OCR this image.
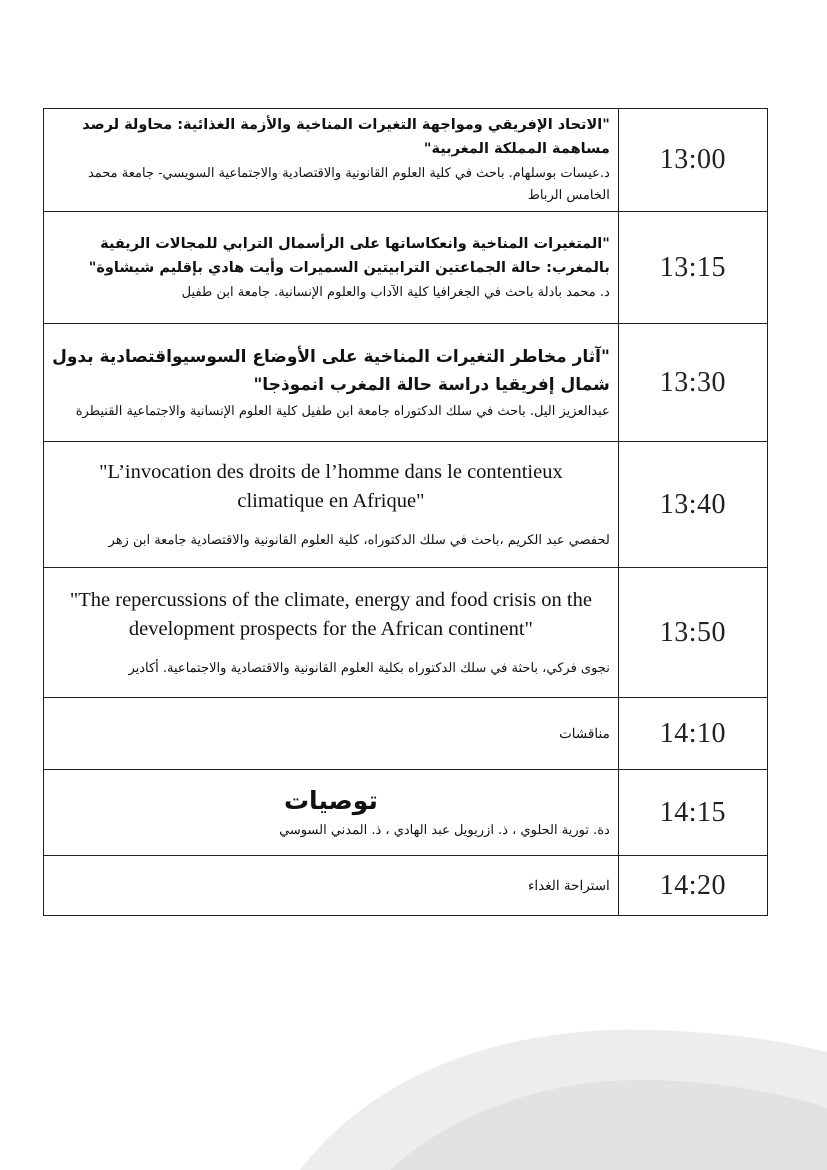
"الاتحاد الإفريقي ومواجهة التغيرات المناخية والأزمة الغذائية: محاولة لرصد مساهمة المملكة المغربية"
د.عيسات بوسلهام. باحث في كلية العلوم القانونية والاقتصادية والاجتماعية السويسي- جامعة محمد الخامس الرباط	13:00

"المتغيرات المناخية وانعكاساتها على الرأسمال الترابي للمجالات الريفية بالمغرب: حالة الجماعتين الترابيتين السميرات وأيت هادي بإقليم شيشاوة"
د. محمد بادلة باحث في الجغرافيا كلية الآداب والعلوم الإنسانية. جامعة ابن طفيل	13:15

"آثار مخاطر التغيرات المناخية على الأوضاع السوسيواقتصادية بدول شمال إفريقيا دراسة حالة المغرب انموذجا"
عبدالعزيز اليل. باحث في سلك الدكتوراه جامعة ابن طفيل كلية العلوم الإنسانية والاجتماعية القنيطرة	13:30

"L’invocation des droits de l’homme dans le contentieux climatique en Afrique"
لحفصي عبد الكريم ،باحث في سلك الدكتوراه، كلية العلوم القانونية والاقتصادية جامعة ابن زهر	13:40

"The repercussions of the climate, energy and food crisis on the development prospects for the African continent"
نجوى فركي، باحثة في سلك الدكتوراه بكلية العلوم القانونية والاقتصادية والاجتماعية. أكادير	13:50

مناقشات	14:10

توصيات
دة. تورية الحلوي ، ذ. ازريويل عبد الهادي ، ذ. المدني السوسي	14:15

استراحة الغداء	14:20
